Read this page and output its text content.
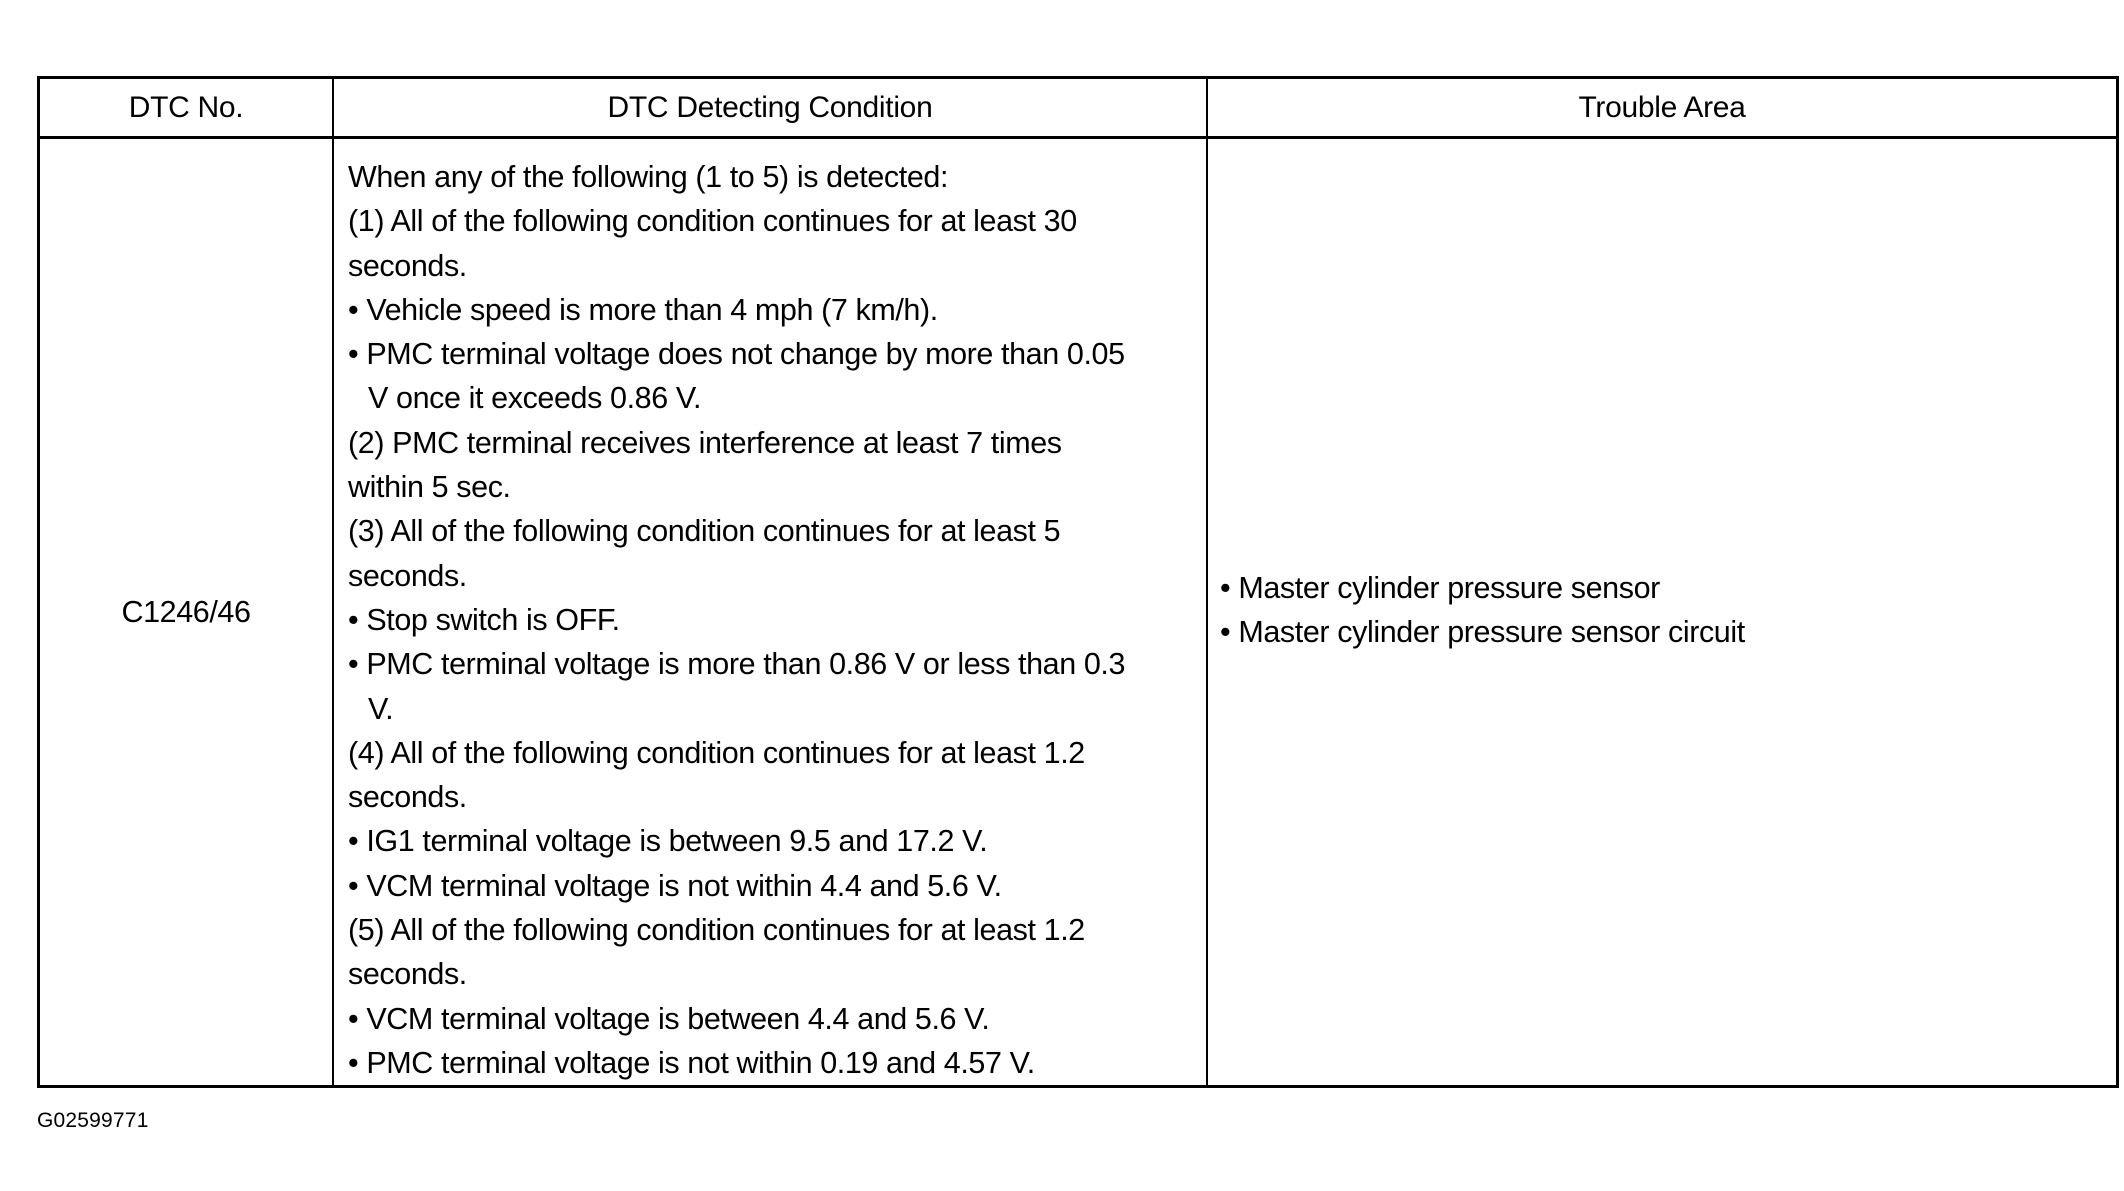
DTC No.	DTC Detecting Condition	Trouble Area
C1246/46
When any of the following (1 to 5) is detected:
(1) All of the following condition continues for at least 30
seconds.
• Vehicle speed is more than 4 mph (7 km/h).
• PMC terminal voltage does not change by more than 0.05
V once it exceeds 0.86 V.
(2) PMC terminal receives interference at least 7 times
within 5 sec.
(3) All of the following condition continues for at least 5
seconds.
• Stop switch is OFF.
• PMC terminal voltage is more than 0.86 V or less than 0.3
V.
(4) All of the following condition continues for at least 1.2
seconds.
• IG1 terminal voltage is between 9.5 and 17.2 V.
• VCM terminal voltage is not within 4.4 and 5.6 V.
(5) All of the following condition continues for at least 1.2
seconds.
• VCM terminal voltage is between 4.4 and 5.6 V.
• PMC terminal voltage is not within 0.19 and 4.57 V.
• Master cylinder pressure sensor
• Master cylinder pressure sensor circuit
G02599771
